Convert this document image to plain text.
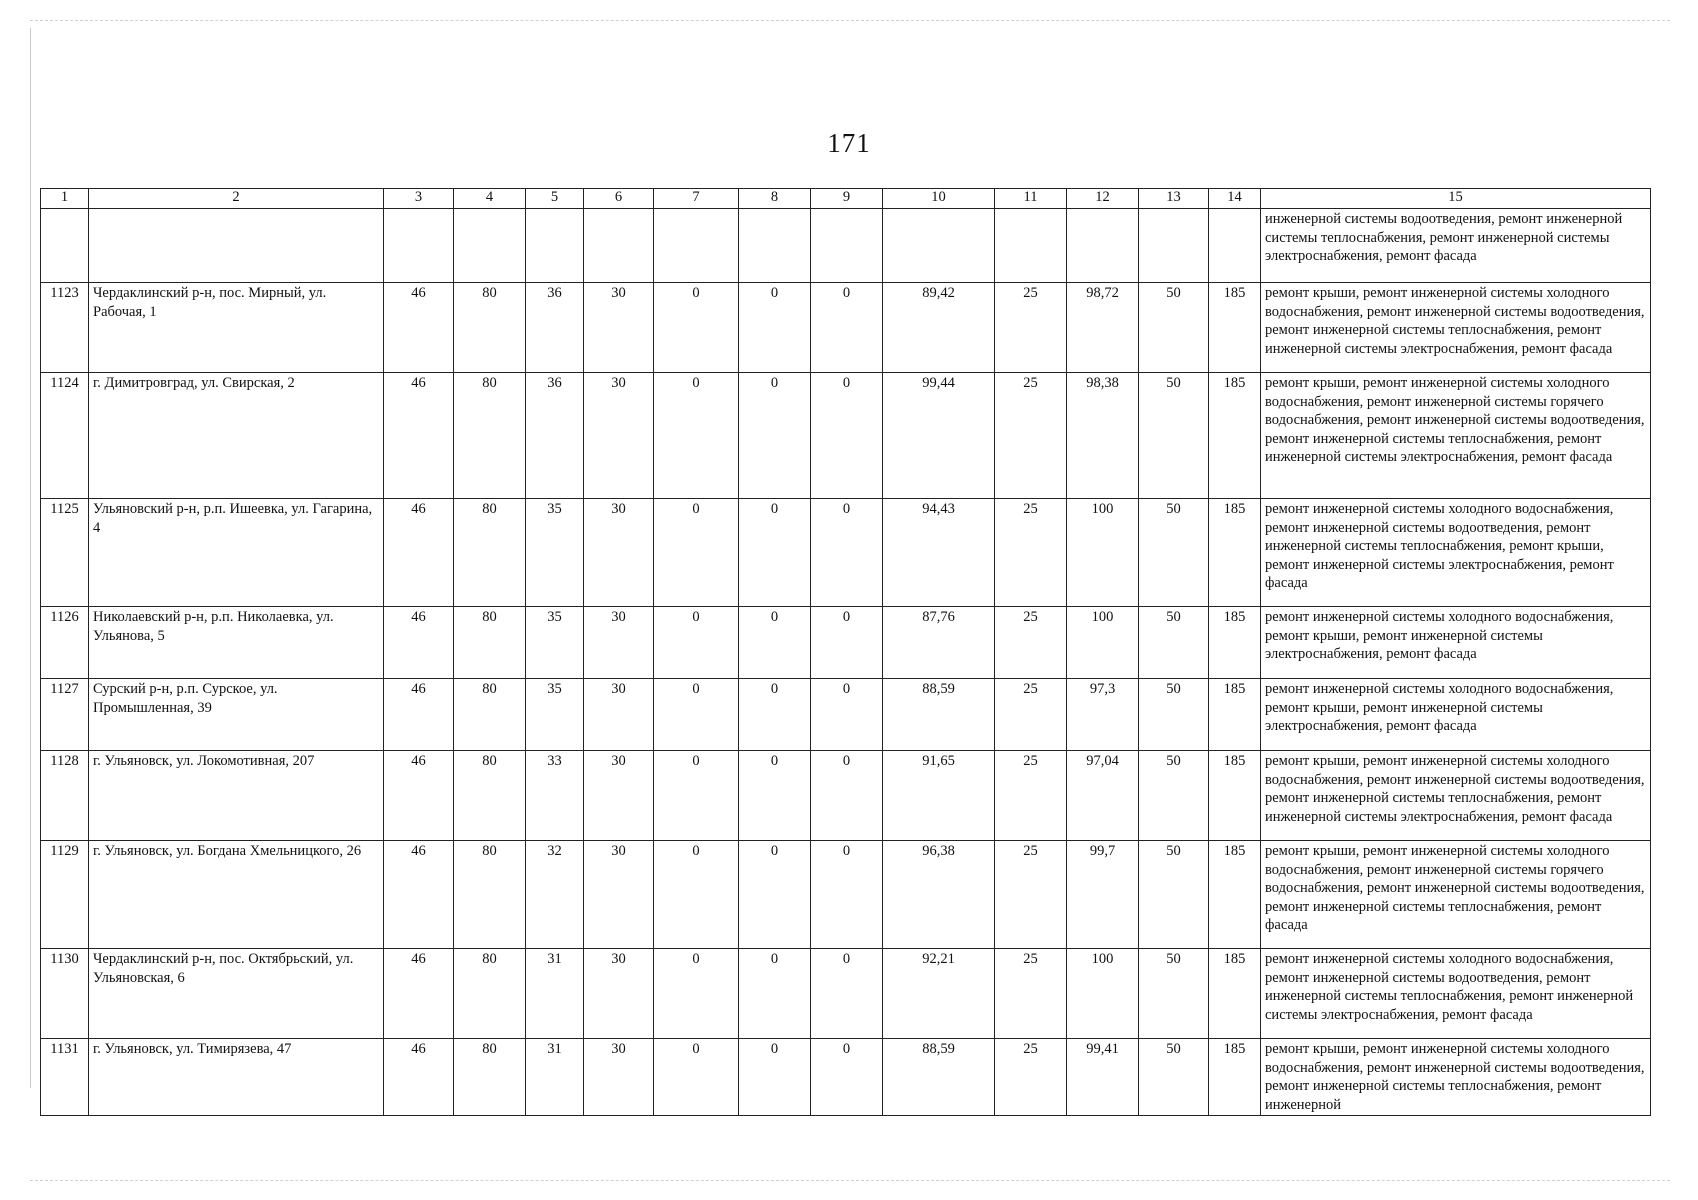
171
1	2	3	4	5	6	7	8	9	10	11	12	13	14	15
														инженерной системы водоотведения, ремонт инженерной системы теплоснабжения, ремонт инженерной системы электроснабжения, ремонт фасада
1123	Чердаклинский р-н, пос. Мирный, ул. Рабочая, 1	46	80	36	30	0	0	0	89,42	25	98,72	50	185	ремонт крыши, ремонт инженерной системы холодного водоснабжения, ремонт инженерной системы водоотведения, ремонт инженерной системы теплоснабжения, ремонт инженерной системы электроснабжения, ремонт фасада
1124	г. Димитровград, ул. Свирская, 2	46	80	36	30	0	0	0	99,44	25	98,38	50	185	ремонт крыши, ремонт инженерной системы холодного водоснабжения, ремонт инженерной системы горячего водоснабжения, ремонт инженерной системы водоотведения, ремонт инженерной системы теплоснабжения, ремонт инженерной системы электроснабжения, ремонт фасада
1125	Ульяновский р-н, р.п. Ишеевка, ул. Гагарина, 4	46	80	35	30	0	0	0	94,43	25	100	50	185	ремонт инженерной системы холодного водоснабжения, ремонт инженерной системы водоотведения, ремонт инженерной системы теплоснабжения, ремонт крыши, ремонт инженерной системы электроснабжения, ремонт фасада
1126	Николаевский р-н, р.п. Николаевка, ул. Ульянова, 5	46	80	35	30	0	0	0	87,76	25	100	50	185	ремонт инженерной системы холодного водоснабжения, ремонт крыши, ремонт инженерной системы электроснабжения, ремонт фасада
1127	Сурский р-н, р.п. Сурское, ул. Промышленная, 39	46	80	35	30	0	0	0	88,59	25	97,3	50	185	ремонт инженерной системы холодного водоснабжения, ремонт крыши, ремонт инженерной системы электроснабжения, ремонт фасада
1128	г. Ульяновск, ул. Локомотивная, 207	46	80	33	30	0	0	0	91,65	25	97,04	50	185	ремонт крыши, ремонт инженерной системы холодного водоснабжения, ремонт инженерной системы водоотведения, ремонт инженерной системы теплоснабжения, ремонт инженерной системы электроснабжения, ремонт фасада
1129	г. Ульяновск, ул. Богдана Хмельницкого, 26	46	80	32	30	0	0	0	96,38	25	99,7	50	185	ремонт крыши, ремонт инженерной системы холодного водоснабжения, ремонт инженерной системы горячего водоснабжения, ремонт инженерной системы водоотведения, ремонт инженерной системы теплоснабжения, ремонт фасада
1130	Чердаклинский р-н, пос. Октябрьский, ул. Ульяновская, 6	46	80	31	30	0	0	0	92,21	25	100	50	185	ремонт инженерной системы холодного водоснабжения, ремонт инженерной системы водоотведения, ремонт инженерной системы теплоснабжения, ремонт инженерной системы электроснабжения, ремонт фасада
1131	г. Ульяновск, ул. Тимирязева, 47	46	80	31	30	0	0	0	88,59	25	99,41	50	185	ремонт крыши, ремонт инженерной системы холодного водоснабжения, ремонт инженерной системы водоотведения, ремонт инженерной системы теплоснабжения, ремонт инженерной
